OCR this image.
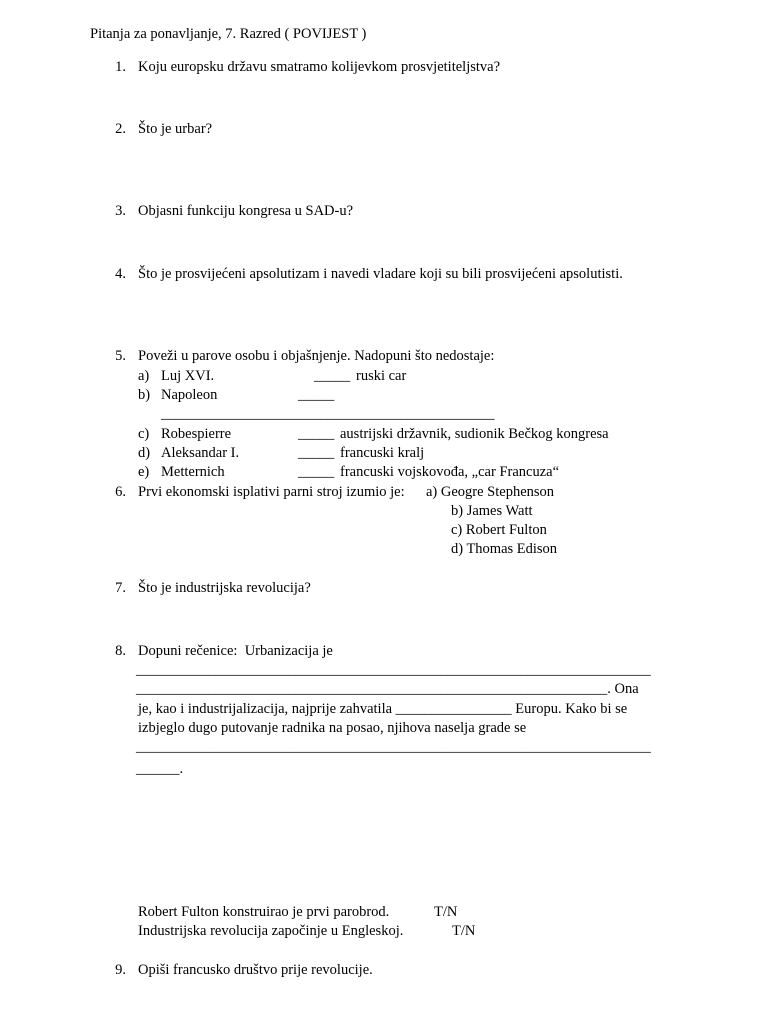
Pitanja za ponavljanje, 7. Razred ( POVIJEST )
1. Koju europsku državu smatramo kolijevkom prosvjetiteljstva?
2. Što je urbar?
3. Objasni funkciju kongresa u SAD-u?
4. Što je prosvijećeni apsolutizam i navedi vladare koji su bili prosvijećeni apsolutisti.
5. Poveži u parove osobu i objašnjenje. Nadopuni što nedostaje:
a) Luj XVI.	_____ ruski car
b) Napoleon	_____
______________________________________________
c) Robespierre	_____ austrijski državnik, sudionik Bečkog kongresa
d) Aleksandar I.	_____ francuski kralj
e) Metternich	_____ francuski vojskovođa, „car Francuza“
6. Prvi ekonomski isplativi parni stroj izumio je: a) Geogre Stephenson
b) James Watt
c) Robert Fulton
d) Thomas Edison
7. Što je industrijska revolucija?
8. Dopuni rečenice:  Urbanizacija je
_______________________________________________________________________
_________________________________________________________________. Ona
je, kao i industrijalizacija, najprije zahvatila ________________ Europu. Kako bi se
izbjeglo dugo putovanje radnika na posao, njihova naselja grade se
_______________________________________________________________________
______.
Robert Fulton konstruirao je prvi parobrod.	T/N
Industrijska revolucija započinje u Engleskoj.	T/N
9. Opiši francusko društvo prije revolucije.
